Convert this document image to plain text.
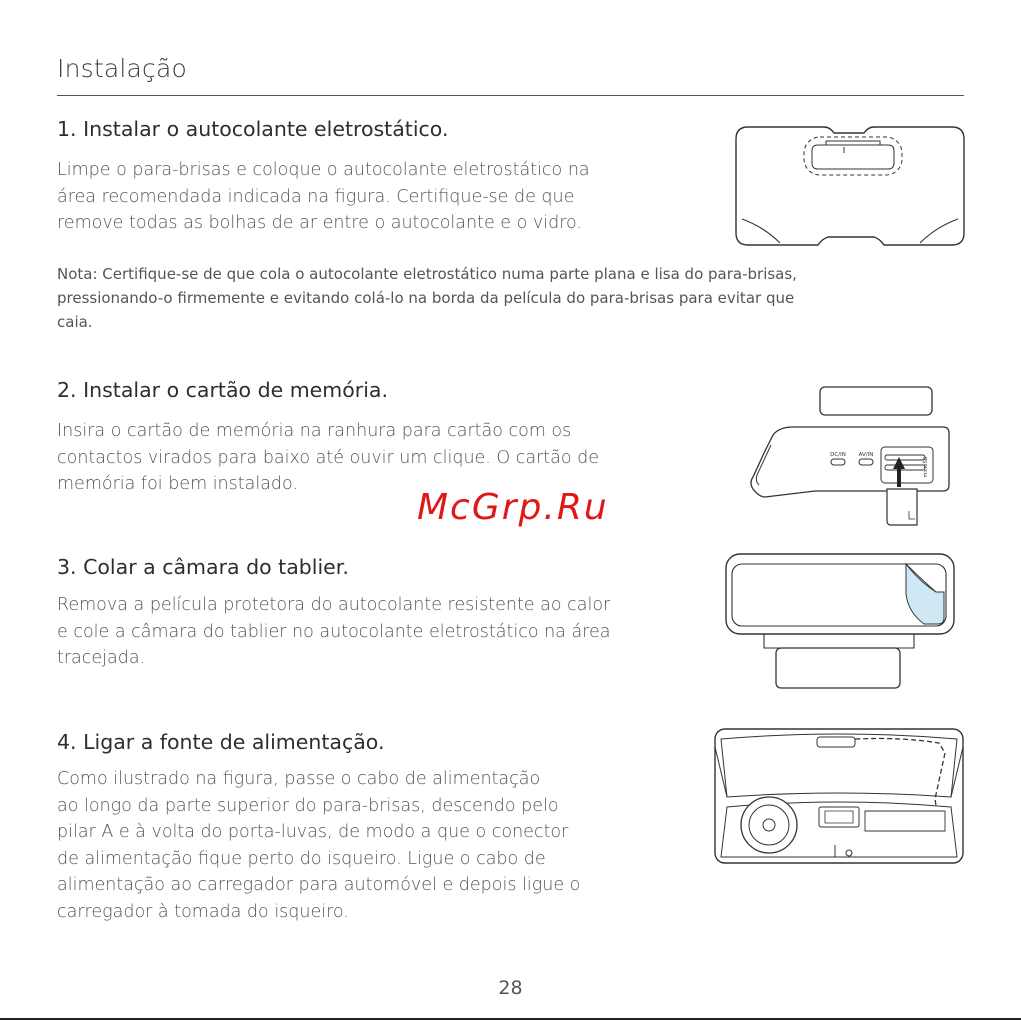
Instalação
1. Instalar o autocolante eletrostático.
Limpe o para-brisas e coloque o autocolante eletrostático na
área recomendada indicada na figura. Certifique-se de que
remove todas as bolhas de ar entre o autocolante e o vidro.
Nota: Certifique-se de que cola o autocolante eletrostático numa parte plana e lisa do para-brisas,
pressionando-o firmemente e evitando colá-lo na borda da película do para-brisas para evitar que
caia.
2. Instalar o cartão de memória.
Insira o cartão de memória na ranhura para cartão com os
contactos virados para baixo até ouvir um clique. O cartão de
memória foi bem instalado.
McGrp.Ru
3. Colar a câmara do tablier.
Remova a película protetora do autocolante resistente ao calor
e cole a câmara do tablier no autocolante eletrostático na área
tracejada.
4. Ligar a fonte de alimentação.
Como ilustrado na figura, passe o cabo de alimentação
ao longo da parte superior do para-brisas, descendo pelo
pilar A e à volta do porta-luvas, de modo a que o conector
de alimentação fique perto do isqueiro. Ligue o cabo de
alimentação ao carregador para automóvel e depois ligue o
carregador à tomada do isqueiro.
DC/IN AV/IN
microSD
28
